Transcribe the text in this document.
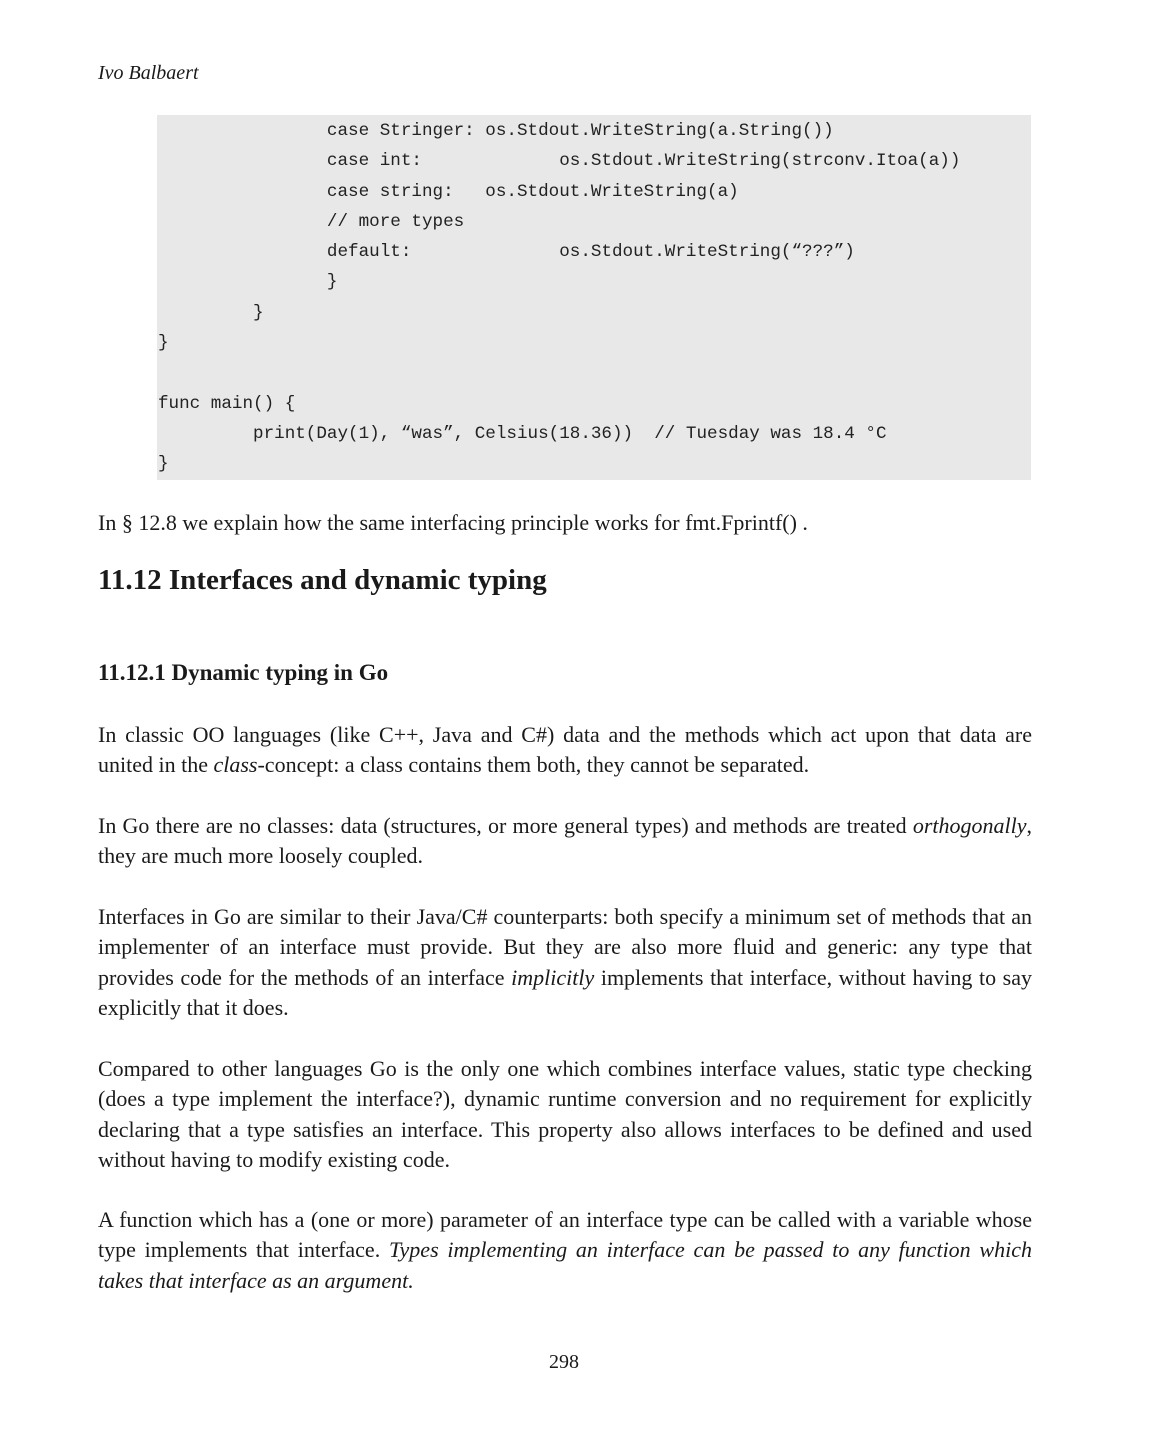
Ivo Balbaert
case Stringer: os.Stdout.WriteString(a.String())
case int:             os.Stdout.WriteString(strconv.Itoa(a))
case string:   os.Stdout.WriteString(a)
// more types
default:              os.Stdout.WriteString(“???”)
}
}
}

func main() {
print(Day(1), “was”, Celsius(18.36))  // Tuesday was 18.4 °C
}
In § 12.8 we explain how the same interfacing principle works for fmt.Fprintf() .
11.12 Interfaces and dynamic typing
11.12.1 Dynamic typing in Go
In classic OO languages (like C++, Java and C#) data and the methods which act upon that data are united in the class-concept: a class contains them both, they cannot be separated.
In Go there are no classes: data (structures, or more general types) and methods are treated orthogonally, they are much more loosely coupled.
Interfaces in Go are similar to their Java/C# counterparts: both specify a minimum set of methods that an implementer of an interface must provide. But they are also more fluid and generic: any type that provides code for the methods of an interface implicitly implements that interface, without having to say explicitly that it does.
Compared to other languages Go is the only one which combines interface values, static type checking (does a type implement the interface?), dynamic runtime conversion and no requirement for explicitly declaring that a type satisfies an interface. This property also allows interfaces to be defined and used without having to modify existing code.
A function which has a (one or more) parameter of an interface type can be called with a variable whose type implements that interface. Types implementing an interface can be passed to any function which takes that interface as an argument.
298
